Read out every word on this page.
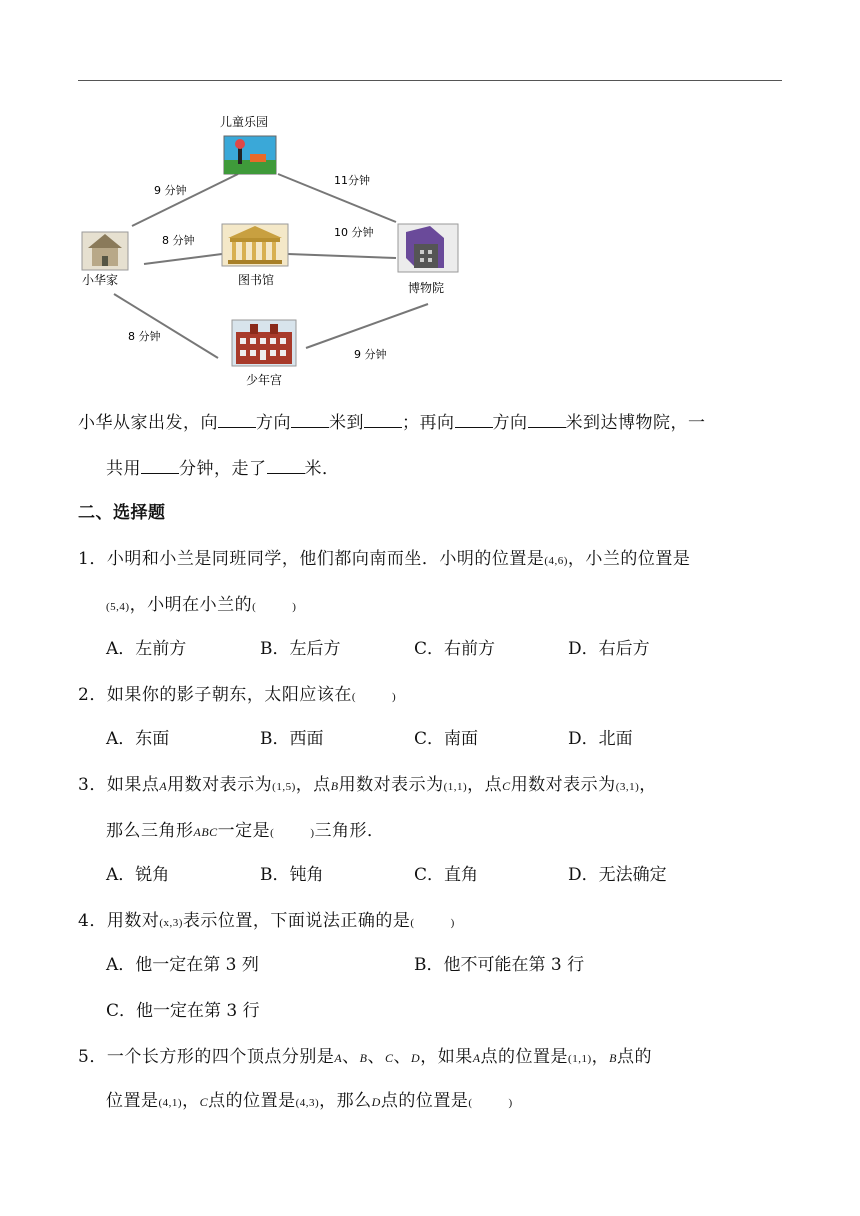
9 分钟
11分钟
8 分钟
10 分钟
8 分钟
9 分钟
儿童乐园
小华家	图书馆
博物院
少年宫
小华从家出发，向 方向 米到 ；再向 方向 米到达博物院，一
共用 分钟，走了 米．
二、选择题
1．小明和小兰是同班同学，他们都向南而坐．小明的位置是(4,6)，小兰的位置是
(5,4)，小明在小兰的(	)
A．左前方	B．左后方	C．右前方	D．右后方
2．如果你的影子朝东，太阳应该在(	)
A．东面	B．西面	C．南面	D．北面
3．如果点A用数对表示为(1,5)，点B用数对表示为(1,1)，点C用数对表示为(3,1)，
那么三角形ABC一定是(	)三角形．
A．锐角	B．钝角	C．直角	D．无法确定
4．用数对(x,3)表示位置，下面说法正确的是(	)
A．他一定在第 3 列	B．他不可能在第 3 行
C．他一定在第 3 行
5．一个长方形的四个顶点分别是A、B、C、D，如果A点的位置是(1,1)，B点的
位置是(4,1)，C点的位置是(4,3)，那么D点的位置是(	)
